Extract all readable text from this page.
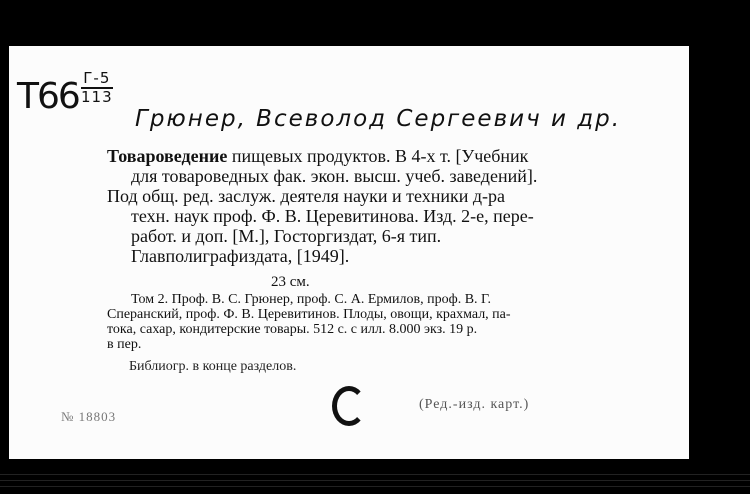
T66 Г-5
113
Грюнер, Всеволод Сергеевич и др.
Товароведение пищевых продуктов. В 4-х т. [Учебник
для товароведных фак. экон. высш. учеб. заведений].
Под общ. ред. заслуж. деятеля науки и техники д-ра
техн. наук проф. Ф. В. Церевитинова. Изд. 2-е, пере-
работ. и доп. [М.], Госторгиздат, 6-я тип.
Главполиграфиздата, [1949].
23 см.
Том 2. Проф. В. С. Грюнер, проф. С. А. Ермилов, проф. В. Г.
Сперанский, проф. Ф. В. Церевитинов. Плоды, овощи, крахмал, па-
тока, сахар, кондитерские товары. 512 с. с илл. 8.000 экз. 19 р.
в пер.
Библиогр. в конце разделов.
№ 18803
(Ред.-изд. карт.)
